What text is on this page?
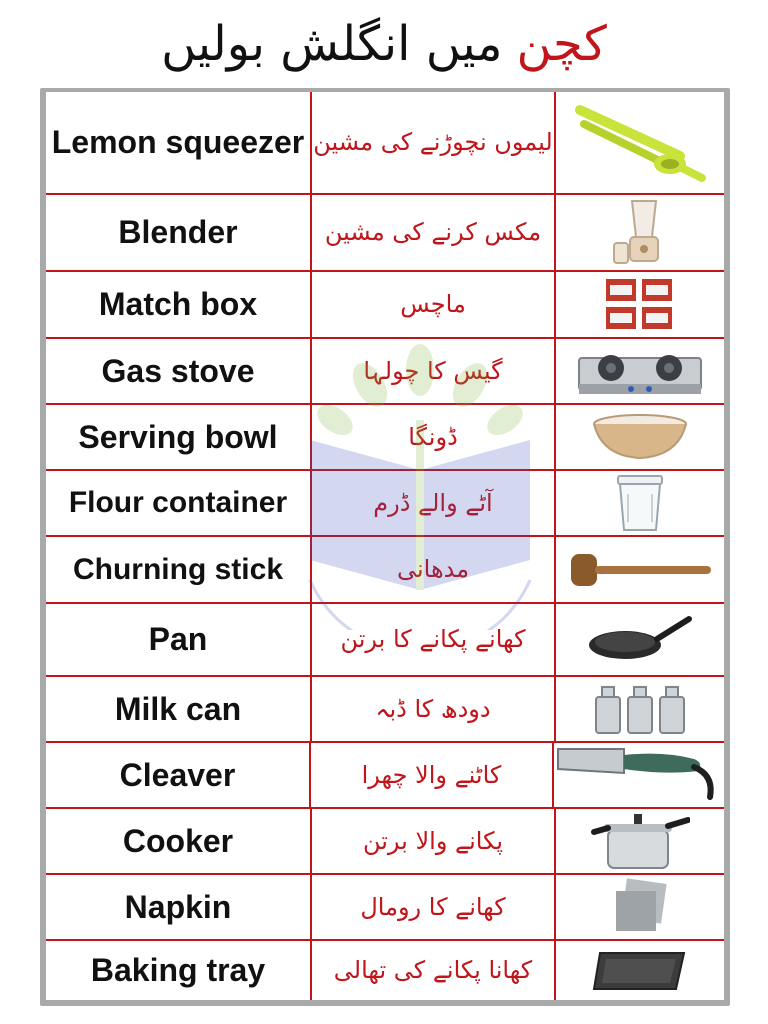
کچن
میں انگلش بولیں
Lemon squeezer لیموں نچوڑنے کی مشین
Blender	مکس کرنے کی مشین
Match box	ماچس
Gas stove	گیس کا چولہا
Serving bowl	ڈونگا
Flour container	آٹے والے ڈرم
Churning stick	مدھانی
Pan	کھانے پکانے کا برتن
Milk can	دودھ کا ڈبہ
Cleaver	کاٹنے والا چھرا
Cooker	پکانے والا برتن
Napkin	کھانے کا رومال
Baking tray	کھانا پکانے کی تھالی
